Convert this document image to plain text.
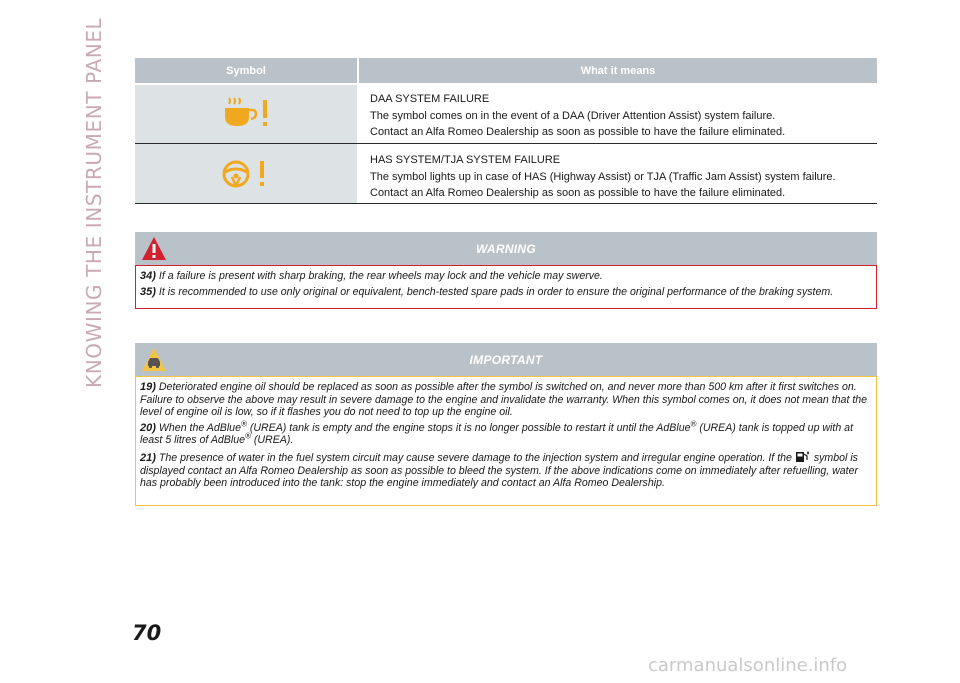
KNOWING THE INSTRUMENT PANEL	Symbol	What it means
DAA SYSTEM FAILURE
The symbol comes on in the event of a DAA (Driver Attention Assist) system failure.
Contact an Alfa Romeo Dealership as soon as possible to have the failure eliminated.
HAS SYSTEM/TJA SYSTEM FAILURE
The symbol lights up in case of HAS (Highway Assist) or TJA (Traffic Jam Assist) system failure.
Contact an Alfa Romeo Dealership as soon as possible to have the failure eliminated.
WARNING

34) If a failure is present with sharp braking, the rear wheels may lock and the vehicle may swerve.

35) It is recommended to use only original or equivalent, bench-tested spare pads in order to ensure the original performance of the braking system.

IMPORTANT

19) Deteriorated engine oil should be replaced as soon as possible after the symbol is switched on, and never more than 500 km after it first switches on. Failure to observe the above may result in severe damage to the engine and invalidate the warranty. When this symbol comes on, it does not mean that the level of engine oil is low, so if it flashes you do not need to top up the engine oil.

20) When the AdBlue® (UREA) tank is empty and the engine stops it is no longer possible to restart it until the AdBlue® (UREA) tank is topped up with at least 5 litres of AdBlue® (UREA).

21) The presence of water in the fuel system circuit may cause severe damage to the injection system and irregular engine operation. If the  symbol is displayed contact an Alfa Romeo Dealership as soon as possible to bleed the system. If the above indications come on immediately after refuelling, water has probably been introduced into the tank: stop the engine immediately and contact an Alfa Romeo Dealership.

70
carmanualsonline.info
